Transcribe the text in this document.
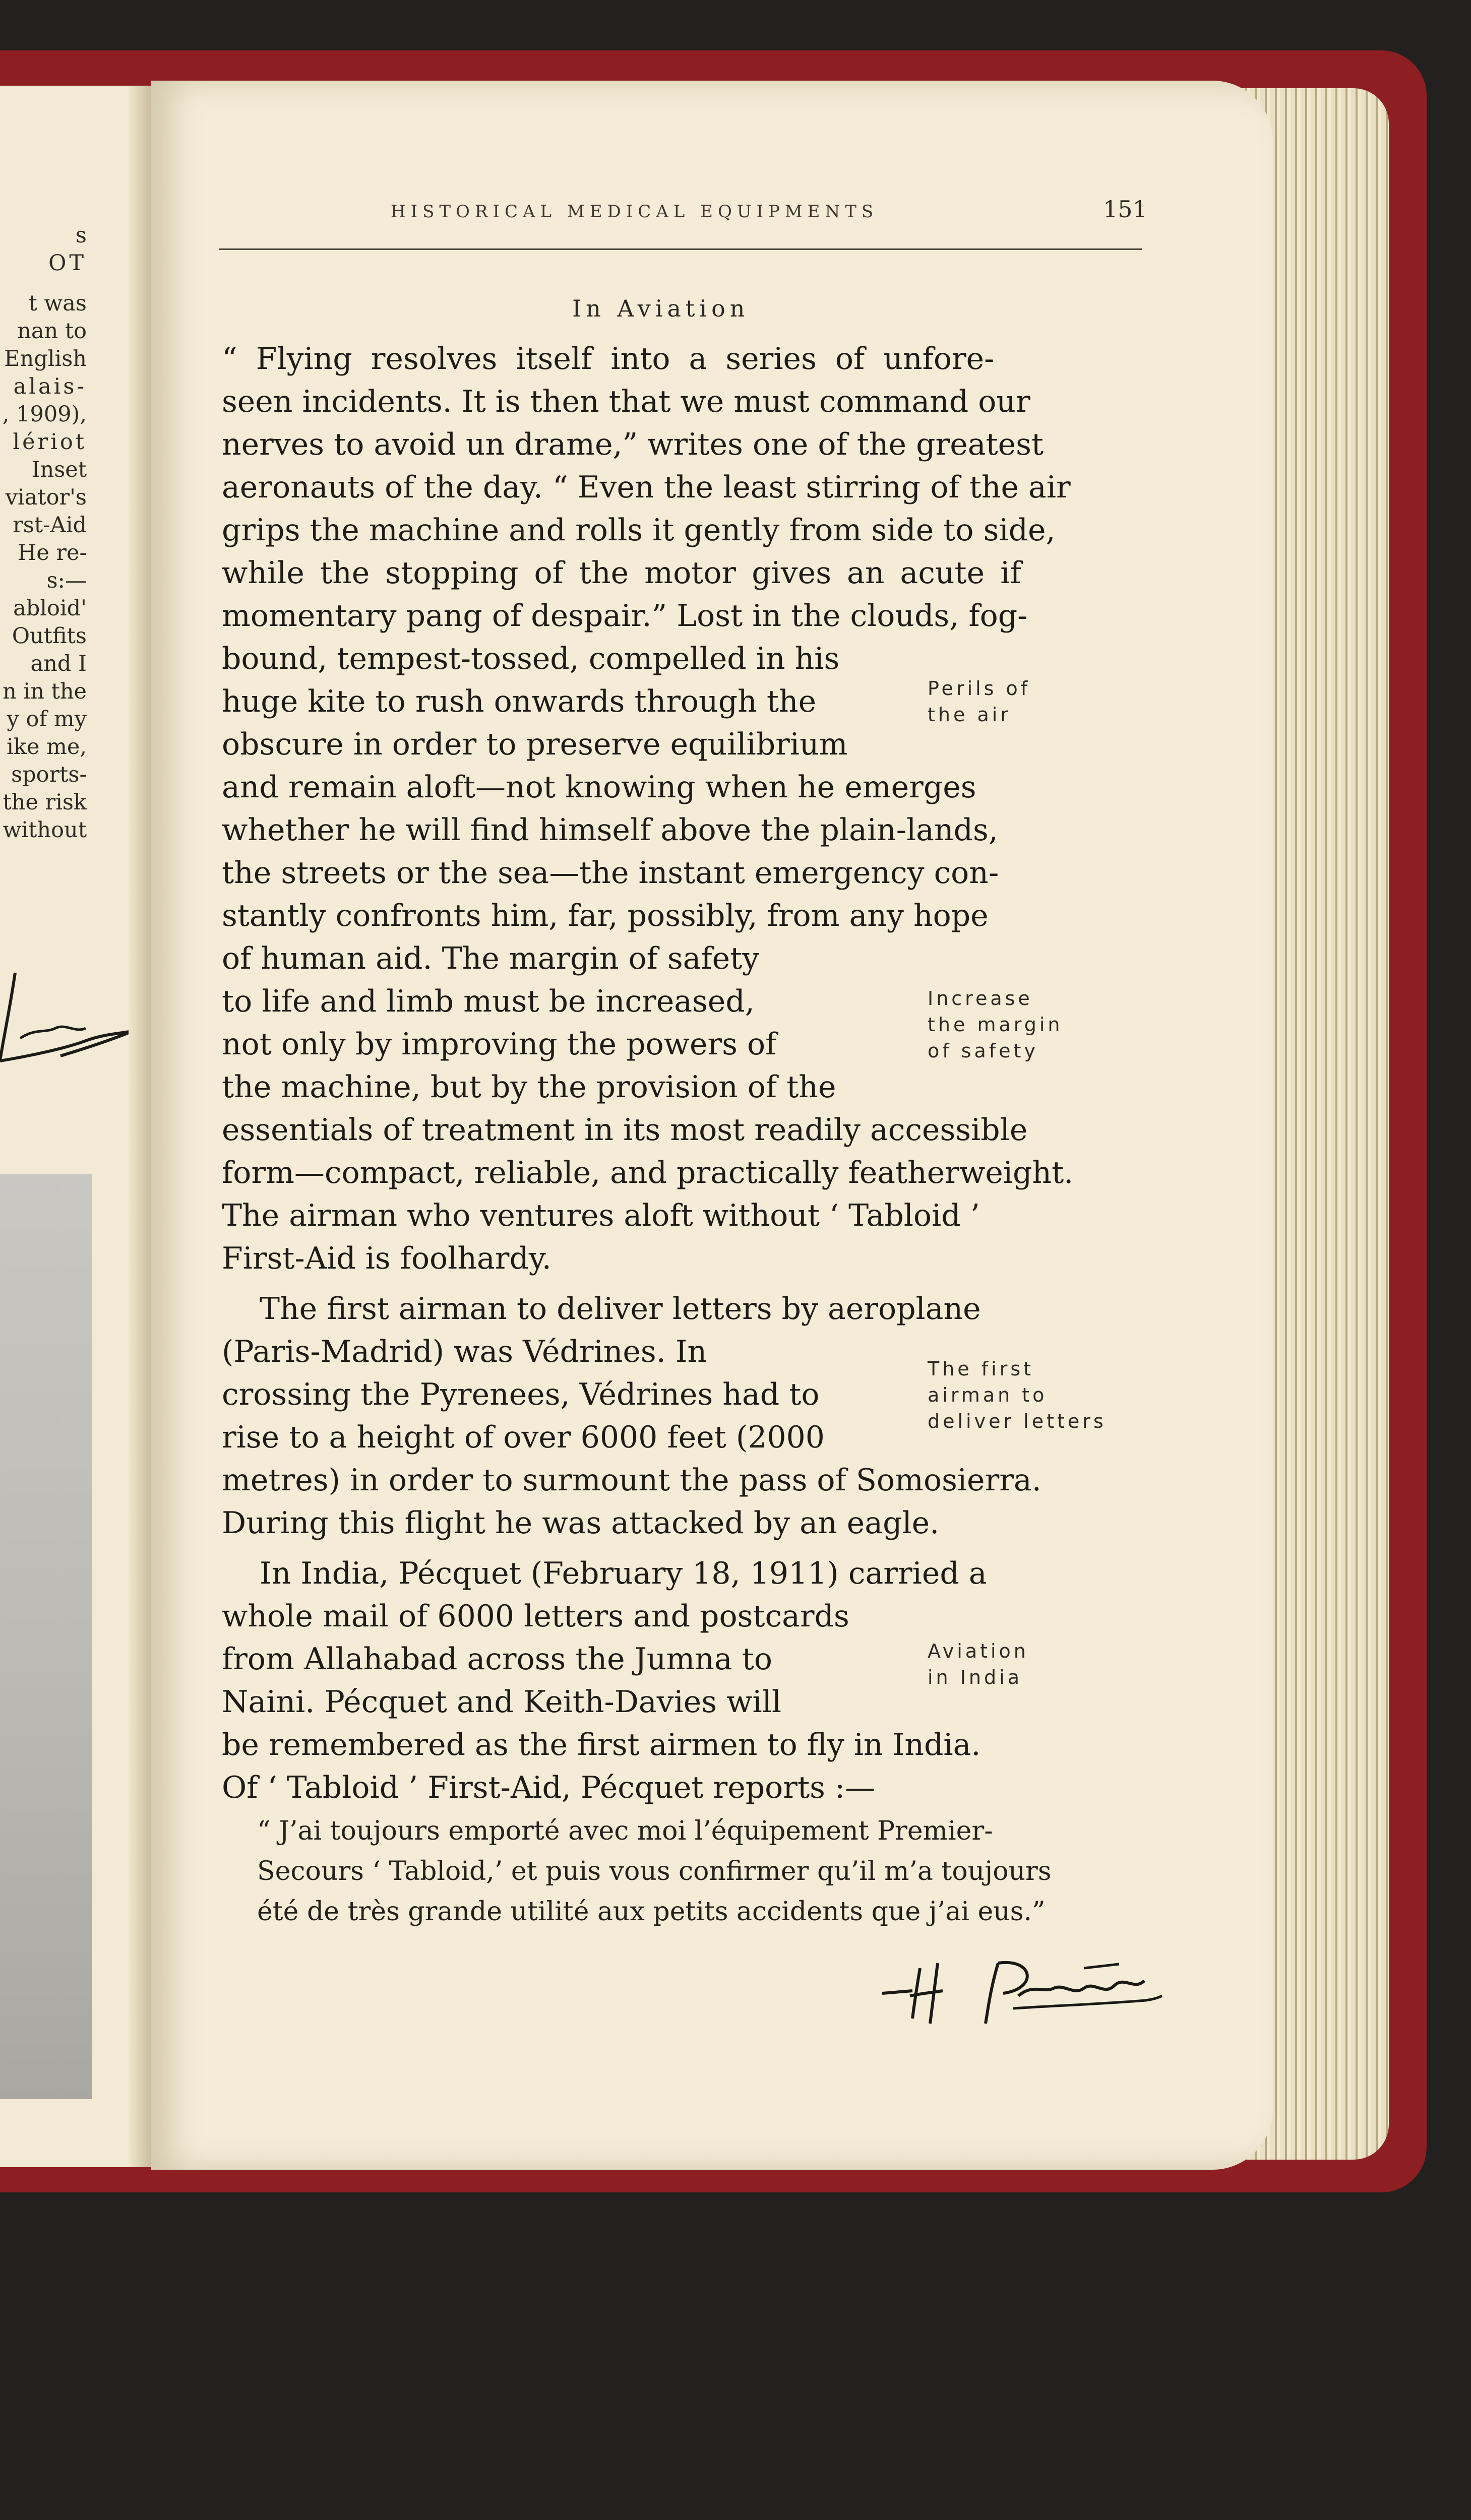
s
OT
t was
nan to
English
alais-
, 1909),
lériot
Inset
viator's
rst-Aid
He re-
s:—
abloid'
Outfits
and I
n in the
y of my
ike me,
sports-
the risk
without
HISTORICAL MEDICAL EQUIPMENTS	151
In Aviation
“ Flying resolves itself into a series of unfore-
seen incidents. It is then that we must command our
nerves to avoid un drame,” writes one of the greatest
aeronauts of the day. “ Even the least stirring of the air
grips the machine and rolls it gently from side to side,
while the stopping of the motor gives an acute if
momentary pang of despair.” Lost in the clouds, fog-
bound, tempest-tossed, compelled in his
huge kite to rush onwards through the
obscure in order to preserve equilibrium
and remain aloft—not knowing when he emerges
whether he will find himself above the plain-lands,
the streets or the sea—the instant emergency con-
stantly confronts him, far, possibly, from any hope
of human aid. The margin of safety
to life and limb must be increased,
not only by improving the powers of
the machine, but by the provision of the
essentials of treatment in its most readily accessible
form—compact, reliable, and practically featherweight.
The airman who ventures aloft without ‘ Tabloid ’
First-Aid is foolhardy.
The first airman to deliver letters by aeroplane
(Paris-Madrid) was Védrines. In
crossing the Pyrenees, Védrines had to
rise to a height of over 6000 feet (2000
metres) in order to surmount the pass of Somosierra.
During this flight he was attacked by an eagle.
In India, Pécquet (February 18, 1911) carried a
whole mail of 6000 letters and postcards
from Allahabad across the Jumna to
Naini. Pécquet and Keith-Davies will
be remembered as the first airmen to fly in India.
Of ‘ Tabloid ’ First-Aid, Pécquet reports :—
“ J’ai toujours emporté avec moi l’équipement Premier-
Secours ‘ Tabloid,’ et puis vous confirmer qu’il m’a toujours
été de très grande utilité aux petits accidents que j’ai eus.”
Perils of
the air
Increase
the margin
of safety
The first
airman to
deliver letters
Aviation
in India
